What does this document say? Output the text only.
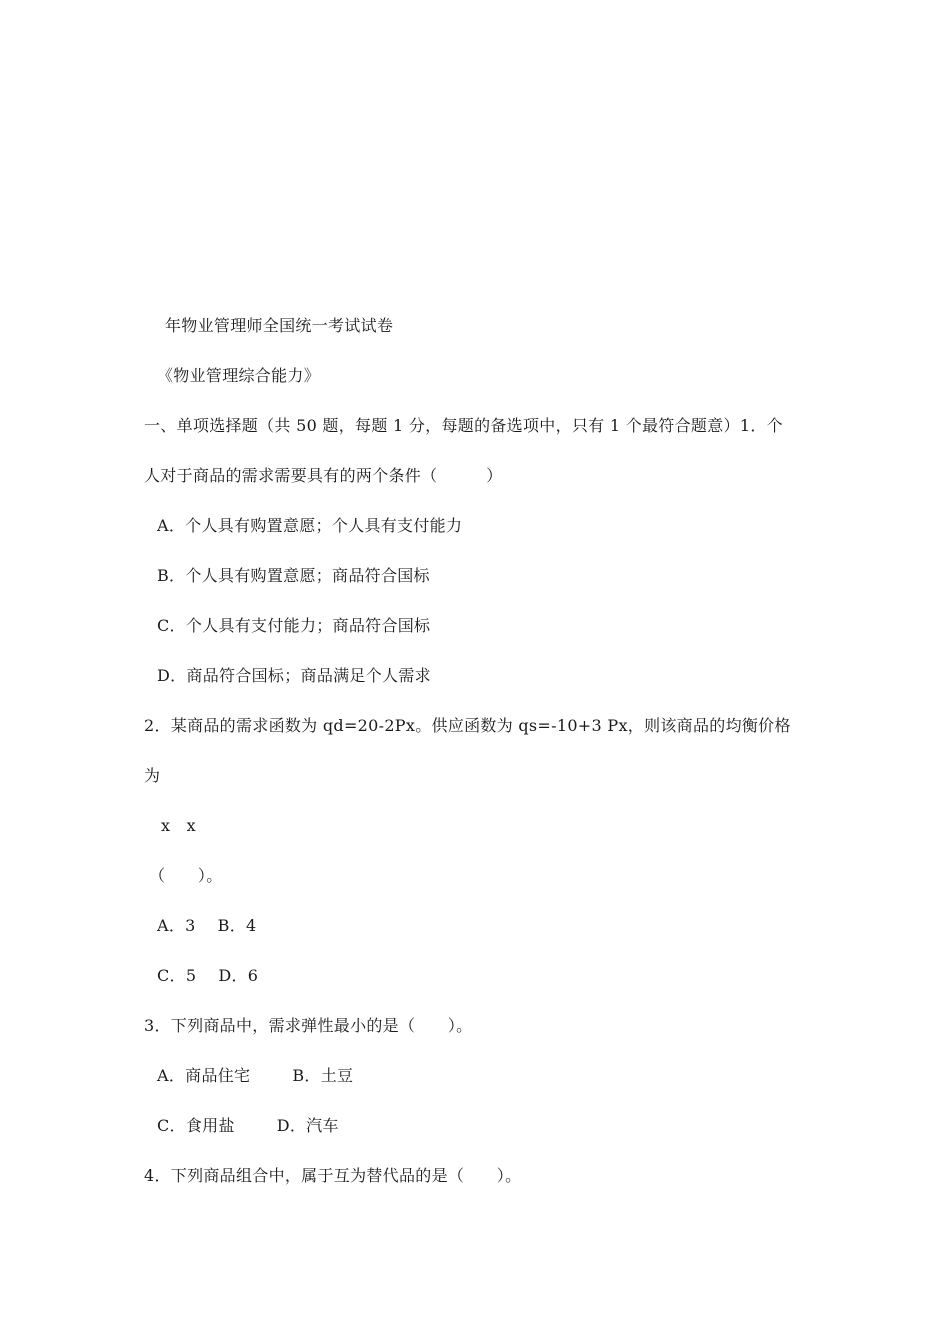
年物业管理师全国统一考试试卷
《物业管理综合能力》
一、单项选择题（共 50 题，每题 1 分，每题的备选项中，只有 1 个最符合题意）1．个
人对于商品的需求需要具有的两个条件（　　　）
A．个人具有购置意愿；个人具有支付能力
B．个人具有购置意愿；商品符合国标
C．个人具有支付能力；商品符合国标
D．商品符合国标；商品满足个人需求
2．某商品的需求函数为 qd=20-2Px。供应函数为 qs=-10+3 Px，则该商品的均衡价格
为
x　x
（　　）。
A．3 B．4
C．5 D．6
3．下列商品中，需求弹性最小的是（　　）。
A．商品住宅	B．土豆
C．食用盐	D．汽车
4．下列商品组合中，属于互为替代品的是（　　）。
